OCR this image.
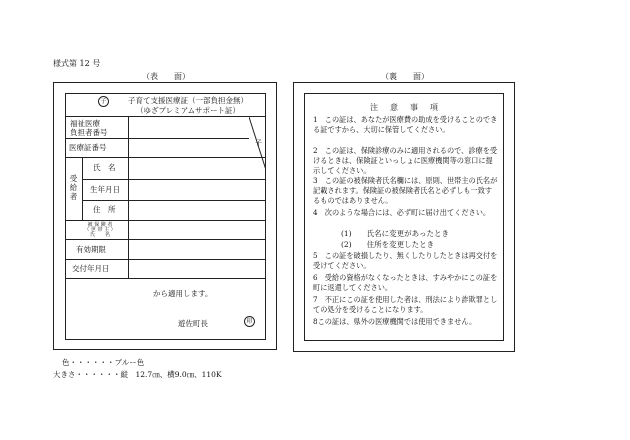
様式第 12 号
（表　　面）	（裏　　面）
子	子育て支援医療証（一部負担金無）
（ゆざプレミアムサポート証）
子
福祉医療
負担者番号
医療証番号
受給者
氏　名
生年月日
住　所
被 保 険 者
（ 世 帯 主 ）
氏　　名
有効期限
交付年月日
から適用します。
遊佐町長	印
注　意　事　項
1　この証は、あなたが医療費の助成を受けることのできる証ですから、大切に保管してください。
2　この証は、保険診療のみに適用されるので、診療を受けるときは、保険証といっしょに医療機関等の窓口に提示してください。
3　この証の被保険者氏名欄には、原則、世帯主の氏名が記載されます。保険証の被保険者氏名と必ずしも一致するものではありません。
4　次のような場合には、必ず町に届け出てください。
(1)　　氏名に変更があったとき
(2)　　住所を変更したとき
5　この証を破損したり、無くしたりしたときは再交付を受けてください。
6　受給の資格がなくなったときは、すみやかにこの証を町に返還してください。
7　不正にこの証を使用した者は、刑法により詐欺罪としての処分を受けることになります。
8この証は、県外の医療機関では使用できません。
色・・・・・・ブルー色
大きさ・・・・・・縦　12.7㎝、横9.0㎝、110K
